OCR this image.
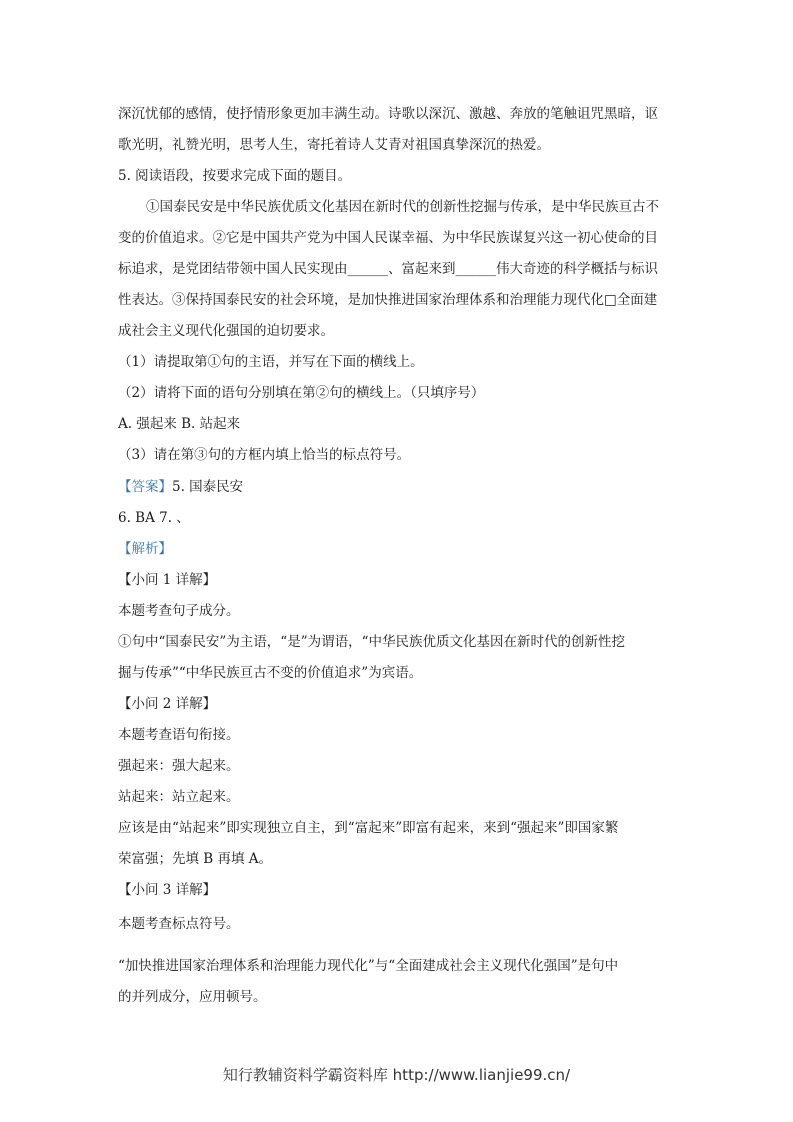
深沉忧郁的感情，使抒情形象更加丰满生动。诗歌以深沉、激越、奔放的笔触诅咒黑暗，讴
歌光明，礼赞光明，思考人生，寄托着诗人艾青对祖国真挚深沉的热爱。
5. 阅读语段，按要求完成下面的题目。
①国泰民安是中华民族优质文化基因在新时代的创新性挖掘与传承，是中华民族亘古不
变的价值追求。②它是中国共产党为中国人民谋幸福、为中华民族谋复兴这一初心使命的目
标追求，是党团结带领中国人民实现由______、富起来到______伟大奇迹的科学概括与标识
性表达。③保持国泰民安的社会环境，是加快推进国家治理体系和治理能力现代化□全面建
成社会主义现代化强国的迫切要求。
（1）请提取第①句的主语，并写在下面的横线上。
（2）请将下面的语句分别填在第②句的横线上。（只填序号）
A. 强起来 B. 站起来
（3）请在第③句的方框内填上恰当的标点符号。
【答案】5. 国泰民安
6. BA 7. 、
【解析】
【小问 1 详解】
本题考查句子成分。
①句中“国泰民安”为主语，“是”为谓语，“中华民族优质文化基因在新时代的创新性挖
掘与传承”“中华民族亘古不变的价值追求”为宾语。
【小问 2 详解】
本题考查语句衔接。
强起来：强大起来。
站起来：站立起来。
应该是由“站起来”即实现独立自主，到“富起来”即富有起来，来到“强起来”即国家繁
荣富强；先填 B 再填 A。
【小问 3 详解】
本题考查标点符号。
“加快推进国家治理体系和治理能力现代化”与“全面建成社会主义现代化强国”是句中
的并列成分，应用顿号。
知行教辅资料学霸资料库 http://www.lianjie99.cn/
